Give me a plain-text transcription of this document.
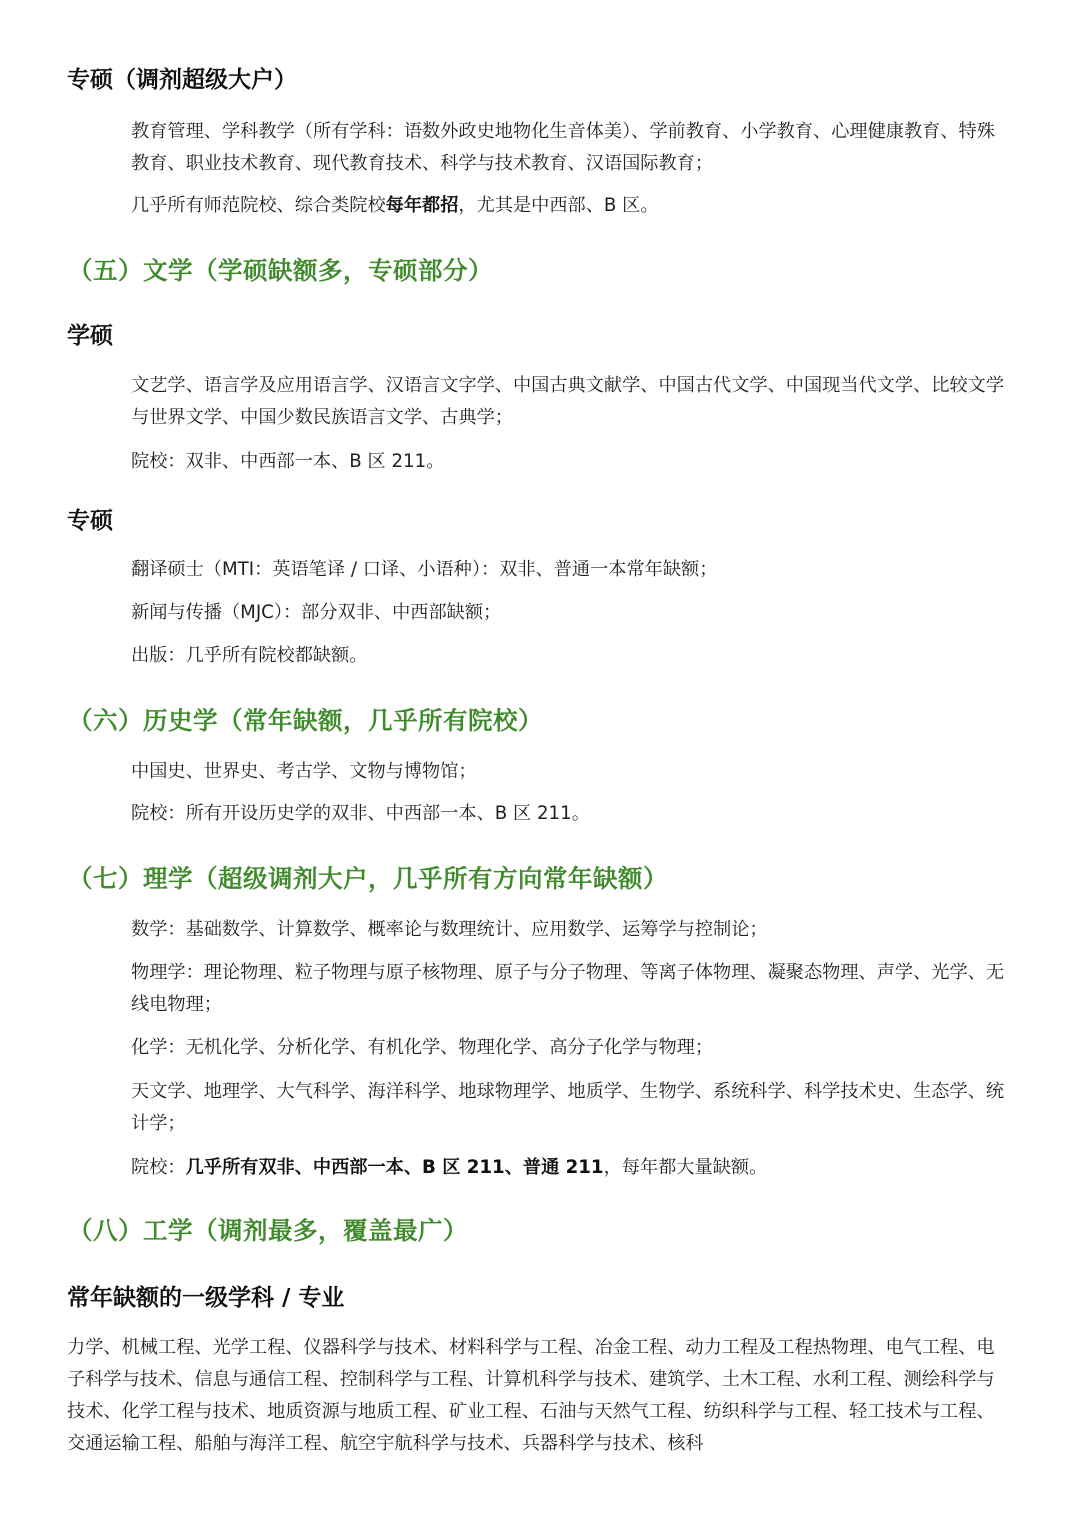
专硕（调剂超级大户）

教育管理、学科教学（所有学科：语数外政史地物化生音体美）、学前教育、小学教育、心理健康教育、特殊教育、职业技术教育、现代教育技术、科学与技术教育、汉语国际教育；

几乎所有师范院校、综合类院校每年都招，尤其是中西部、B 区。

（五）文学（学硕缺额多，专硕部分）
学硕

文艺学、语言学及应用语言学、汉语言文字学、中国古典文献学、中国古代文学、中国现当代文学、比较文学与世界文学、中国少数民族语言文学、古典学；

院校：双非、中西部一本、B 区 211。

专硕

翻译硕士（MTI：英语笔译 / 口译、小语种）：双非、普通一本常年缺额；

新闻与传播（MJC）：部分双非、中西部缺额；

出版：几乎所有院校都缺额。

（六）历史学（常年缺额，几乎所有院校）

中国史、世界史、考古学、文物与博物馆；

院校：所有开设历史学的双非、中西部一本、B 区 211。

（七）理学（超级调剂大户，几乎所有方向常年缺额）

数学：基础数学、计算数学、概率论与数理统计、应用数学、运筹学与控制论；

物理学：理论物理、粒子物理与原子核物理、原子与分子物理、等离子体物理、凝聚态物理、声学、光学、无线电物理；

化学：无机化学、分析化学、有机化学、物理化学、高分子化学与物理；

天文学、地理学、大气科学、海洋科学、地球物理学、地质学、生物学、系统科学、科学技术史、生态学、统计学；

院校：几乎所有双非、中西部一本、B 区 211、普通 211，每年都大量缺额。

（八）工学（调剂最多，覆盖最广）
常年缺额的一级学科 / 专业

力学、机械工程、光学工程、仪器科学与技术、材料科学与工程、冶金工程、动力工程及工程热物理、电气工程、电子科学与技术、信息与通信工程、控制科学与工程、计算机科学与技术、建筑学、土木工程、水利工程、测绘科学与技术、化学工程与技术、地质资源与地质工程、矿业工程、石油与天然气工程、纺织科学与工程、轻工技术与工程、交通运输工程、船舶与海洋工程、航空宇航科学与技术、兵器科学与技术、核科
